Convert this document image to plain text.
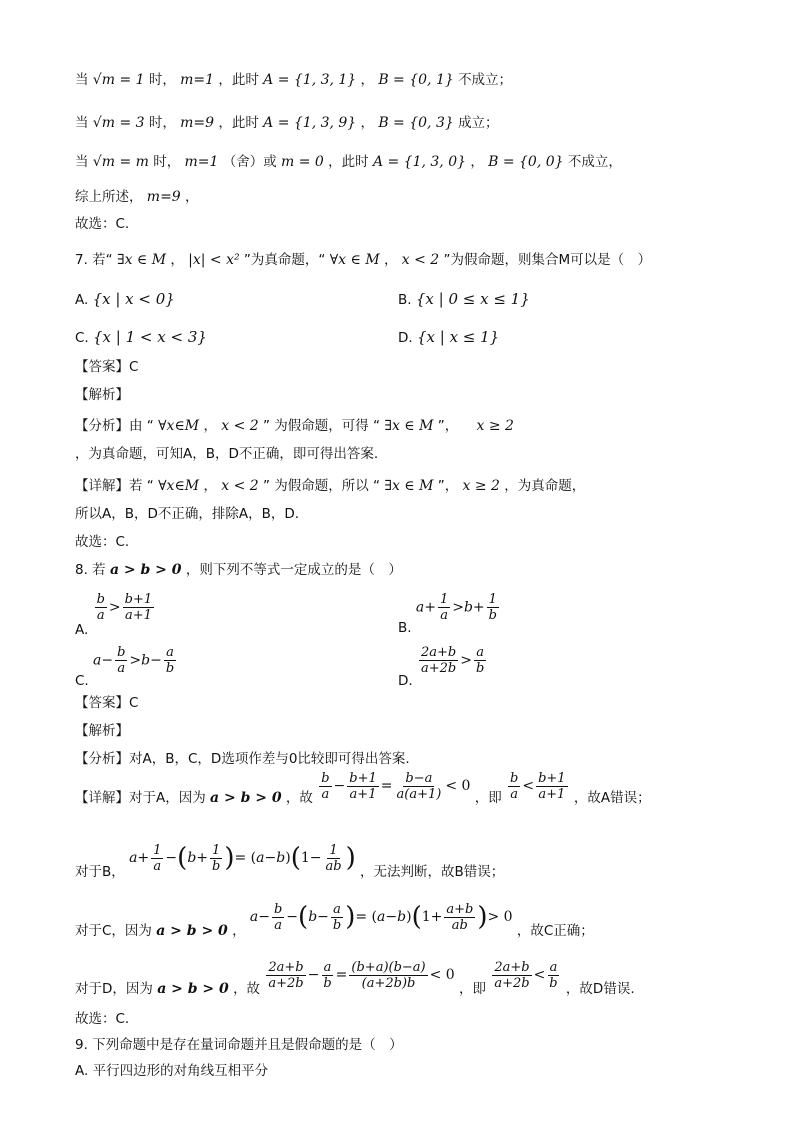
当 √m = 1 时， m=1 ，此时 A = {1, 3, 1} ， B = {0, 1} 不成立；
当 √m = 3 时， m=9 ，此时 A = {1, 3, 9} ， B = {0, 3} 成立；
当 √m = m 时， m=1 （舍）或 m = 0 ，此时 A = {1, 3, 0} ， B = {0, 0} 不成立，
综上所述， m=9 ，
故选：C.
7. 若“ ∃x ∈ M ， |x| < x² ”为真命题，“ ∀x ∈ M ， x < 2 ”为假命题，则集合M可以是（　）
A. {x | x < 0}	B. {x | 0 ≤ x ≤ 1}
C. {x | 1 < x < 3}	D. {x | x ≤ 1}
【答案】C
【解析】
【分析】由 “ ∀x∈M ， x < 2 ” 为假命题，可得 “ ∃x ∈ M ”， x ≥ 2
，为真命题，可知A，B，D不正确，即可得出答案.
【详解】若 “ ∀x∈M ， x < 2 ” 为假命题，所以 “ ∃x ∈ M ”， x ≥ 2 ，为真命题，
所以A，B，D不正确，排除A，B，D.
故选：C.
8. 若 a > b > 0 ，则下列不等式一定成立的是（　）
A.
$\frac{b}{a} > \frac{b+1}{a+1}$
B. $a+ \frac{1}{a} >b+ \frac{1}{b}$
C. $a- \frac{b}{a} >b- \frac{a}{b}$
D.
$\frac{2a+b}{a+2b} > \frac{a}{b}$
【答案】C
【解析】
【分析】对A，B，C，D选项作差与0比较即可得出答案.
【详解】对于A，因为 a > b > 0 ，故 $\frac{b}{a} - \frac{b+1}{a+1} = \frac{b-a}{a(a+1)} < 0$ ，即 $\frac{b}{a} < \frac{b+1}{a+1}$ ，故A错误；
对于B， $a+ \frac{1}{a} -(b+ \frac{1}{b}$ )= $(a-b)(1- \frac{1}{ab}$ ) ，无法判断，故B错误；
对于C，因为 a > b > 0 ， $a- \frac{b}{a} -(b- \frac{a}{b}$ )= $(a-b)(1+ \frac{a+b}{ab}$ )> 0 ，故C正确；
对于D，因为 a > b > 0 ，故 $\frac{2a+b}{a+2b} - \frac{a}{b} = \frac{(b+a)(b-a)}{(a+2b)b} < 0$ ，即 $\frac{2a+b}{a+2b} < \frac{a}{b}$ ，故D错误.
故选：C.
9. 下列命题中是存在量词命题并且是假命题的是（　）
A. 平行四边形的对角线互相平分
